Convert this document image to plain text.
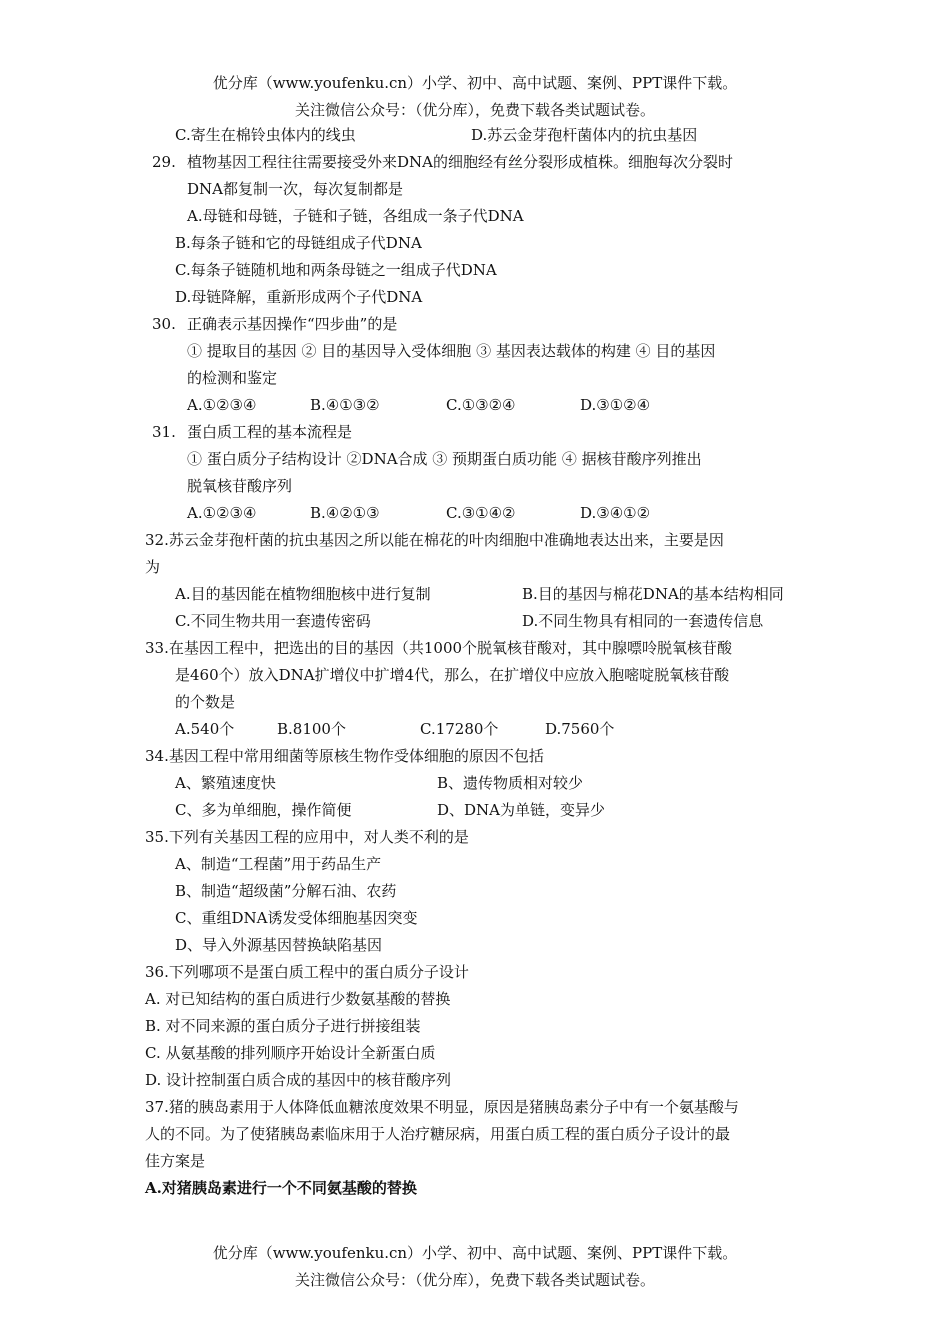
优分库（www.youfenku.cn）小学、初中、高中试题、案例、PPT课件下载。
关注微信公众号：（优分库），免费下载各类试题试卷。
C.寄生在棉铃虫体内的线虫	D.苏云金芽孢杆菌体内的抗虫基因
29. 植物基因工程往往需要接受外来DNA的细胞经有丝分裂形成植株。细胞每次分裂时
DNA都复制一次，每次复制都是
A.母链和母链，子链和子链，各组成一条子代DNA
B.每条子链和它的母链组成子代DNA
C.每条子链随机地和两条母链之一组成子代DNA
D.母链降解，重新形成两个子代DNA
30. 正确表示基因操作“四步曲”的是
① 提取目的基因 ② 目的基因导入受体细胞 ③ 基因表达载体的构建 ④ 目的基因
的检测和鉴定
A.①②③④	B.④①③②	C.①③②④	D.③①②④
31. 蛋白质工程的基本流程是
① 蛋白质分子结构设计 ②DNA合成 ③ 预期蛋白质功能 ④ 据核苷酸序列推出
脱氧核苷酸序列
A.①②③④	B.④②①③	C.③①④②	D.③④①②
32.苏云金芽孢杆菌的抗虫基因之所以能在棉花的叶肉细胞中准确地表达出来，主要是因
为
A.目的基因能在植物细胞核中进行复制	B.目的基因与棉花DNA的基本结构相同
C.不同生物共用一套遗传密码	D.不同生物具有相同的一套遗传信息
33.在基因工程中，把选出的目的基因（共1000个脱氧核苷酸对，其中腺嘌呤脱氧核苷酸
是460个）放入DNA扩增仪中扩增4代，那么，在扩增仪中应放入胞嘧啶脱氧核苷酸
的个数是
A.540个	B.8100个	C.17280个	D.7560个
34.基因工程中常用细菌等原核生物作受体细胞的原因不包括
A、繁殖速度快	B、遗传物质相对较少
C、多为单细胞，操作简便	D、DNA为单链，变异少
35.下列有关基因工程的应用中，对人类不利的是
A、制造“工程菌”用于药品生产
B、制造“超级菌”分解石油、农药
C、重组DNA诱发受体细胞基因突变
D、导入外源基因替换缺陷基因
36.下列哪项不是蛋白质工程中的蛋白质分子设计
A. 对已知结构的蛋白质进行少数氨基酸的替换
B. 对不同来源的蛋白质分子进行拼接组装
C. 从氨基酸的排列顺序开始设计全新蛋白质
D. 设计控制蛋白质合成的基因中的核苷酸序列
37.猪的胰岛素用于人体降低血糖浓度效果不明显，原因是猪胰岛素分子中有一个氨基酸与
人的不同。为了使猪胰岛素临床用于人治疗糖尿病，用蛋白质工程的蛋白质分子设计的最
佳方案是
A.对猪胰岛素进行一个不同氨基酸的替换
优分库（www.youfenku.cn）小学、初中、高中试题、案例、PPT课件下载。
关注微信公众号：（优分库），免费下载各类试题试卷。
